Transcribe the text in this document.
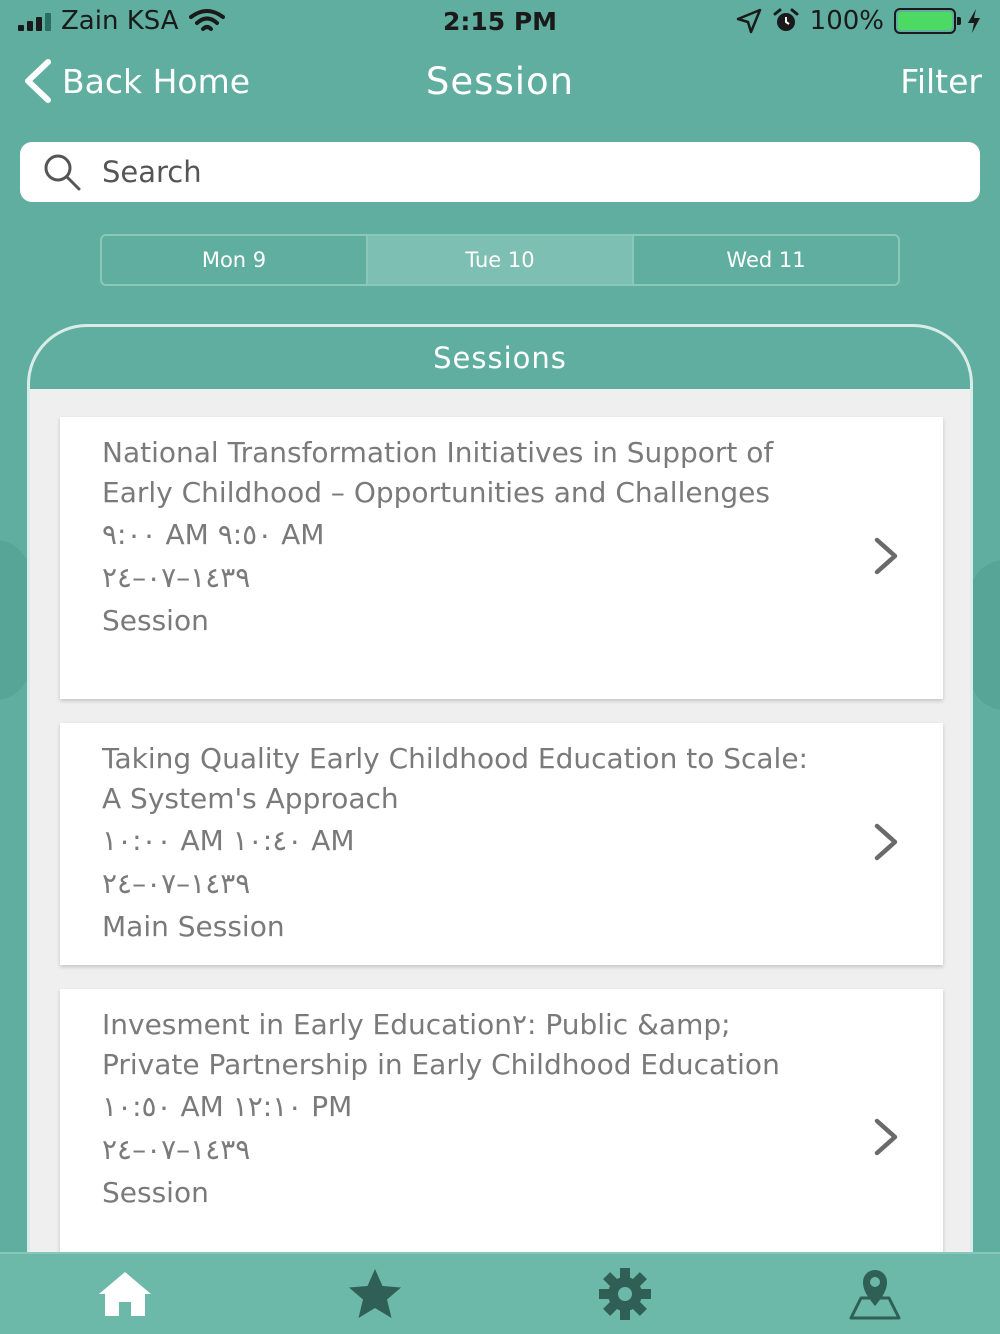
Zain KSA	2:15 PM	100%
Back Home	Session	Filter
Search
Mon 9	Tue 10	Wed 11
Sessions
National Transformation Initiatives in Support of Early Childhood – Opportunities and Challenges
٩:٠٠ AM ٩:٥٠ AM
١٤٣٩–٠٧–٢٤
Session
Taking Quality Early Childhood Education to Scale: A System's Approach
١٠:٠٠ AM ١٠:٤٠ AM
١٤٣٩–٠٧–٢٤
Main Session
Invesment in Early Education٢: Public &amp; Private Partnership in Early Childhood Education
١٠:٥٠ AM ١٢:١٠ PM
١٤٣٩–٠٧–٢٤
Session
